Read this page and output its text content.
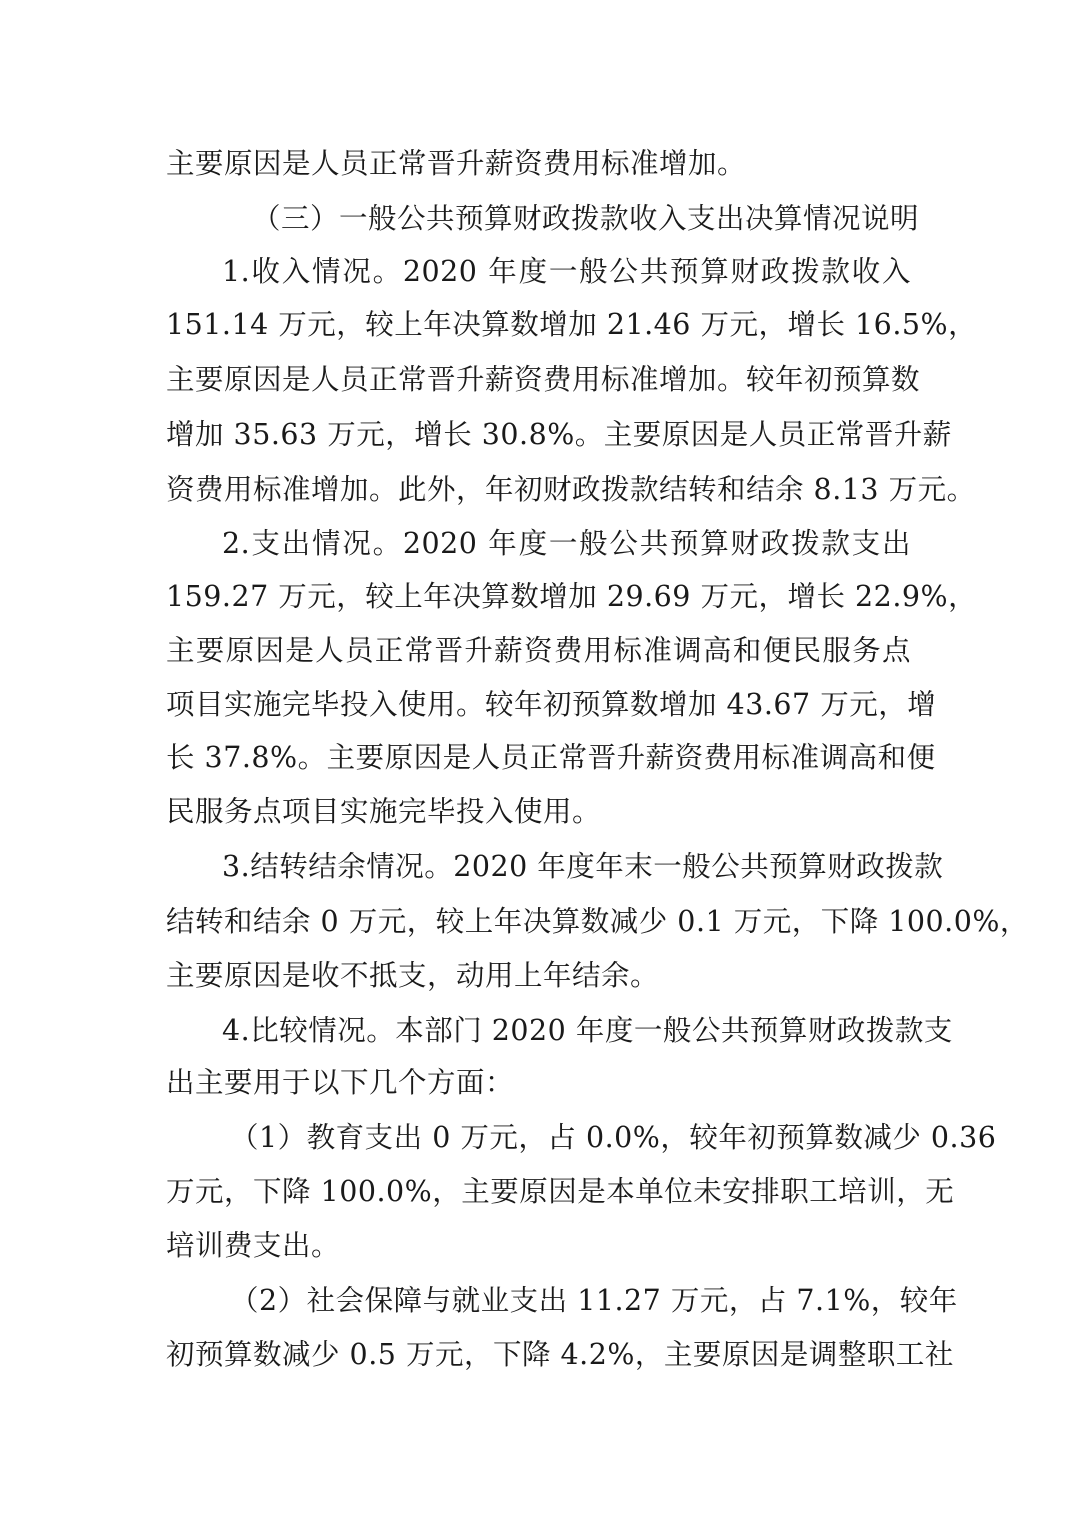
主要原因是人员正常晋升薪资费用标准增加。
（三）一般公共预算财政拨款收入支出决算情况说明
1.收入情况。2020 年度一般公共预算财政拨款收入
151.14 万元，较上年决算数增加 21.46 万元，增长 16.5%，
主要原因是人员正常晋升薪资费用标准增加。较年初预算数
增加 35.63 万元，增长 30.8%。主要原因是人员正常晋升薪
资费用标准增加。此外，年初财政拨款结转和结余 8.13 万元。
2.支出情况。2020 年度一般公共预算财政拨款支出
159.27 万元，较上年决算数增加 29.69 万元，增长 22.9%，
主要原因是人员正常晋升薪资费用标准调高和便民服务点
项目实施完毕投入使用。较年初预算数增加 43.67 万元，增
长 37.8%。主要原因是人员正常晋升薪资费用标准调高和便
民服务点项目实施完毕投入使用。
3.结转结余情况。2020 年度年末一般公共预算财政拨款
结转和结余 0 万元，较上年决算数减少 0.1 万元，下降 100.0%，
主要原因是收不抵支，动用上年结余。
4.比较情况。本部门 2020 年度一般公共预算财政拨款支
出主要用于以下几个方面：
（1）教育支出 0 万元，占 0.0%，较年初预算数减少 0.36
万元，下降 100.0%，主要原因是本单位未安排职工培训，无
培训费支出。
（2）社会保障与就业支出 11.27 万元，占 7.1%，较年
初预算数减少 0.5 万元，下降 4.2%，主要原因是调整职工社
